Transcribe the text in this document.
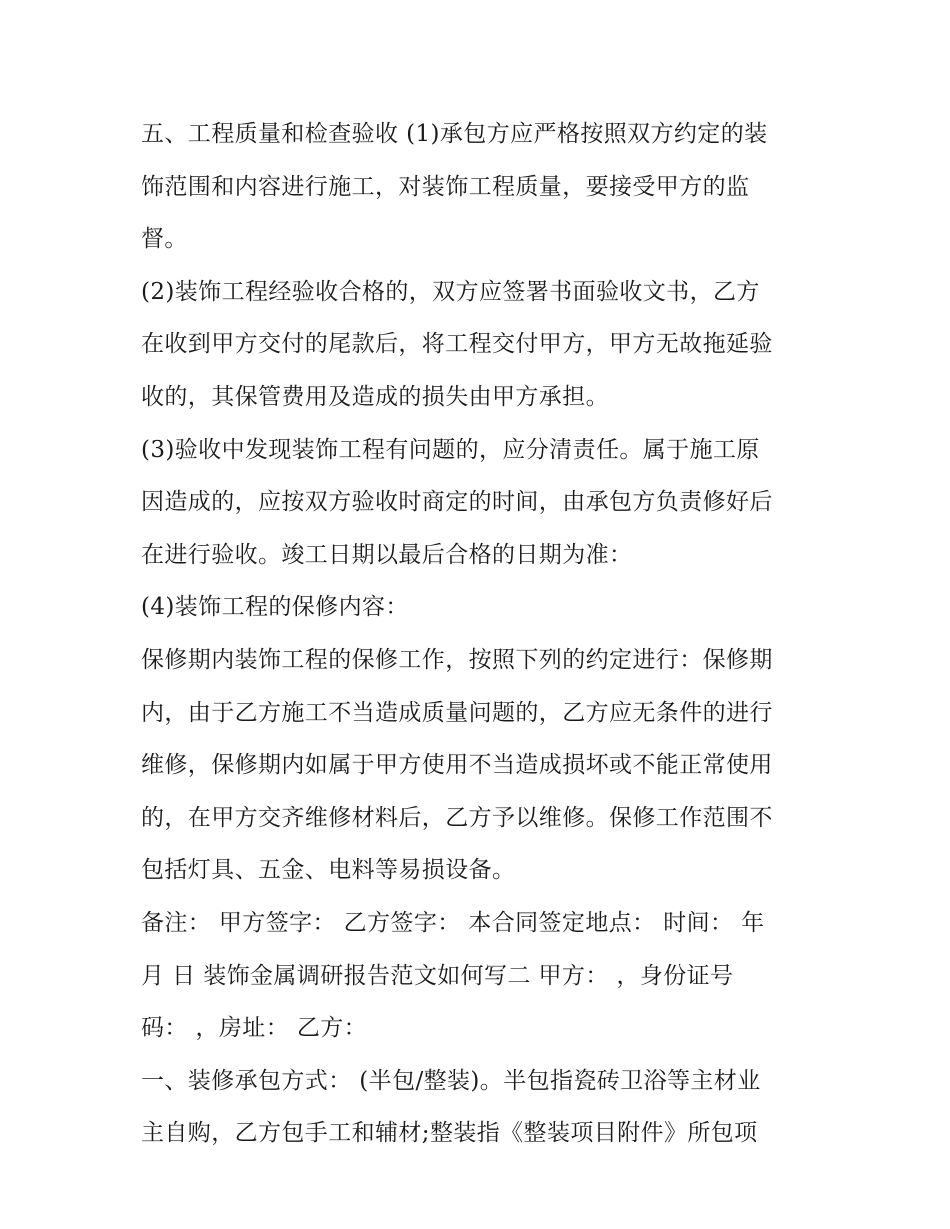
五、工程质量和检查验收 (1)承包方应严格按照双方约定的装
饰范围和内容进行施工，对装饰工程质量，要接受甲方的监
督。
(2)装饰工程经验收合格的，双方应签署书面验收文书，乙方
在收到甲方交付的尾款后，将工程交付甲方，甲方无故拖延验
收的，其保管费用及造成的损失由甲方承担。
(3)验收中发现装饰工程有问题的，应分清责任。属于施工原
因造成的，应按双方验收时商定的时间，由承包方负责修好后
在进行验收。竣工日期以最后合格的日期为准：
(4)装饰工程的保修内容：
保修期内装饰工程的保修工作，按照下列的约定进行：保修期
内，由于乙方施工不当造成质量问题的，乙方应无条件的进行
维修，保修期内如属于甲方使用不当造成损坏或不能正常使用
的，在甲方交齐维修材料后，乙方予以维修。保修工作范围不
包括灯具、五金、电料等易损设备。
备注： 甲方签字： 乙方签字： 本合同签定地点： 时间： 年
月 日 装饰金属调研报告范文如何写二 甲方： ，身份证号
码： ，房址： 乙方：
一、装修承包方式： (半包/整装)。半包指瓷砖卫浴等主材业
主自购，乙方包手工和辅材;整装指《整装项目附件》所包项
